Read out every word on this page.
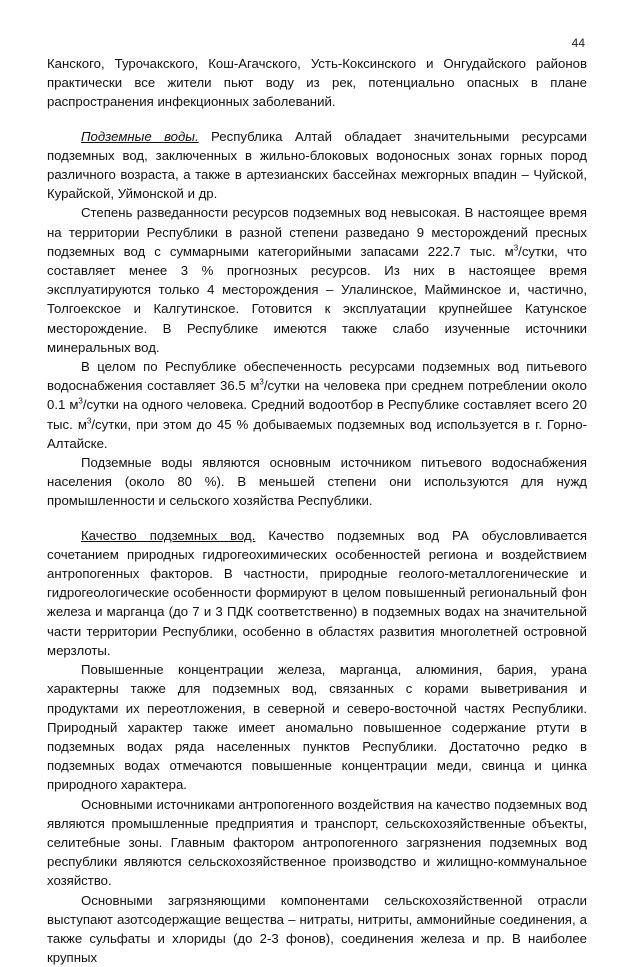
44

Канского, Турочакского, Кош-Агачского, Усть-Коксинского и Онгудайского районов практически все жители пьют воду из рек, потенциально опасных в плане распространения инфекционных заболеваний.

Подземные воды. Республика Алтай обладает значительными ресурсами подземных вод, заключенных в жильно-блоковых водоносных зонах горных пород различного возраста, а также в артезианских бассейнах межгорных впадин – Чуйской, Курайской, Уймонской и др.

Степень разведанности ресурсов подземных вод невысокая. В настоящее время на территории Республики в разной степени разведано 9 месторождений пресных подземных вод с суммарными категорийными запасами 222.7 тыс. $м^3$/сутки, что составляет менее 3 % прогнозных ресурсов. Из них в настоящее время эксплуатируются только 4 месторождения – Улалинское, Майминское и, частично, Толгоекское и Калгутинское. Готовится к эксплуатации крупнейшее Катунское месторождение. В Республике имеются также слабо изученные источники минеральных вод.

В целом по Республике обеспеченность ресурсами подземных вод питьевого водоснабжения составляет 36.5 $м^3$/сутки на человека при среднем потреблении около 0.1 $м^3$/сутки на одного человека. Средний водоотбор в Республике составляет всего 20 тыс. $м^3$/сутки, при этом до 45 % добываемых подземных вод используется в г. Горно-Алтайске.

Подземные воды являются основным источником питьевого водоснабжения населения (около 80 %). В меньшей степени они используются для нужд промышленности и сельского хозяйства Республики.

Качество подземных вод. Качество подземных вод РА обусловливается сочетанием природных гидрогеохимических особенностей региона и воздействием антропогенных факторов. В частности, природные геолого-металлогенические и гидрогеологические особенности формируют в целом повышенный региональный фон железа и марганца (до 7 и 3 ПДК соответственно) в подземных водах на значительной части территории Республики, особенно в областях развития многолетней островной мерзлоты.

Повышенные концентрации железа, марганца, алюминия, бария, урана характерны также для подземных вод, связанных с корами выветривания и продуктами их переотложения, в северной и северо-восточной частях Республики. Природный характер также имеет аномально повышенное содержание ртути в подземных водах ряда населенных пунктов Республики. Достаточно редко в подземных водах отмечаются повышенные концентрации меди, свинца и цинка природного характера.

Основными источниками антропогенного воздействия на качество подземных вод являются промышленные предприятия и транспорт, сельскохозяйственные объекты, селитебные зоны. Главным фактором антропогенного загрязнения подземных вод республики являются сельскохозяйственное производство и жилищно-коммунальное хозяйство.

Основными загрязняющими компонентами сельскохозяйственной отрасли выступают азотсодержащие вещества – нитраты, нитриты, аммонийные соединения, а также сульфаты и хлориды (до 2-3 фонов), соединения железа и пр. В наиболее крупных
